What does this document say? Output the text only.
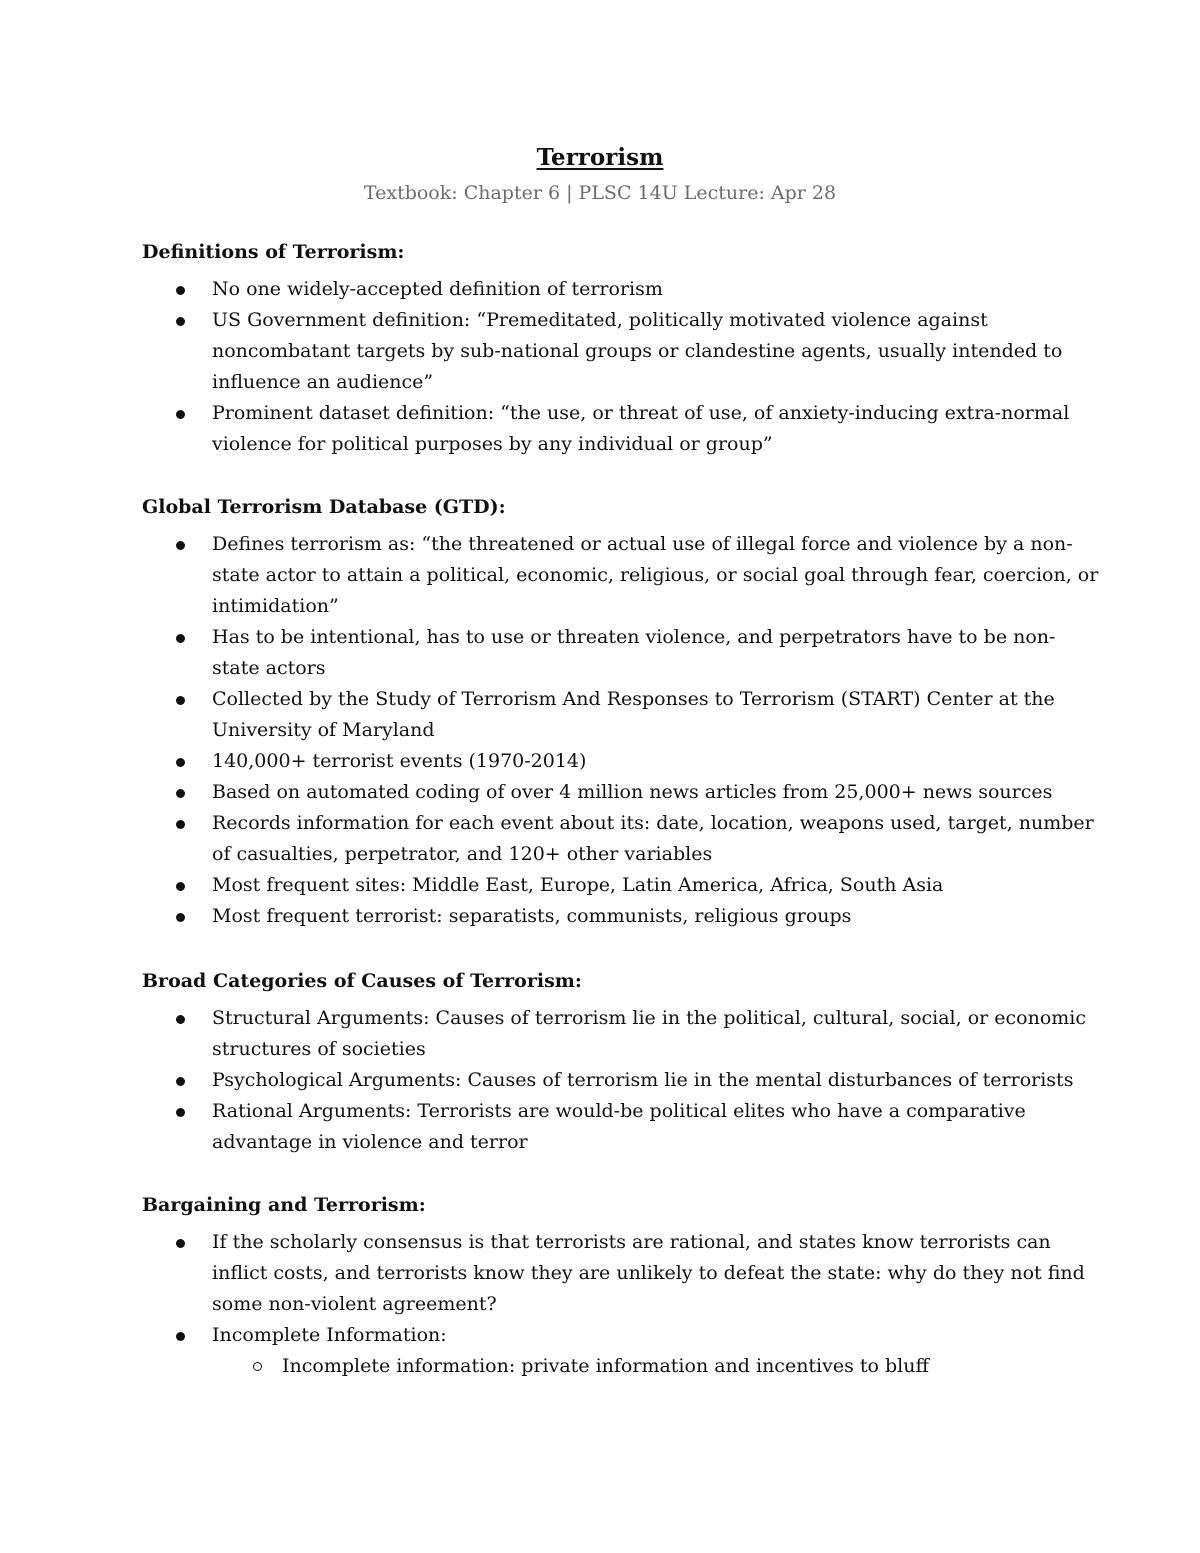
Terrorism
Textbook: Chapter 6 | PLSC 14U Lecture: Apr 28
Definitions of Terrorism:
No one widely-accepted definition of terrorism
US Government definition: “Premeditated, politically motivated violence against noncombatant targets by sub-national groups or clandestine agents, usually intended to influence an audience”
Prominent dataset definition: “the use, or threat of use, of anxiety-inducing extra-normal violence for political purposes by any individual or group”
Global Terrorism Database (GTD):
Defines terrorism as: “the threatened or actual use of illegal force and violence by a non-state actor to attain a political, economic, religious, or social goal through fear, coercion, or intimidation”
Has to be intentional, has to use or threaten violence, and perpetrators have to be non-state actors
Collected by the Study of Terrorism And Responses to Terrorism (START) Center at the University of Maryland
140,000+ terrorist events (1970-2014)
Based on automated coding of over 4 million news articles from 25,000+ news sources
Records information for each event about its: date, location, weapons used, target, number of casualties, perpetrator, and 120+ other variables
Most frequent sites: Middle East, Europe, Latin America, Africa, South Asia
Most frequent terrorist: separatists, communists, religious groups
Broad Categories of Causes of Terrorism:
Structural Arguments: Causes of terrorism lie in the political, cultural, social, or economic structures of societies
Psychological Arguments: Causes of terrorism lie in the mental disturbances of terrorists
Rational Arguments: Terrorists are would-be political elites who have a comparative advantage in violence and terror
Bargaining and Terrorism:
If the scholarly consensus is that terrorists are rational, and states know terrorists can inflict costs, and terrorists know they are unlikely to defeat the state: why do they not find some non-violent agreement?
Incomplete Information:
Incomplete information: private information and incentives to bluff
